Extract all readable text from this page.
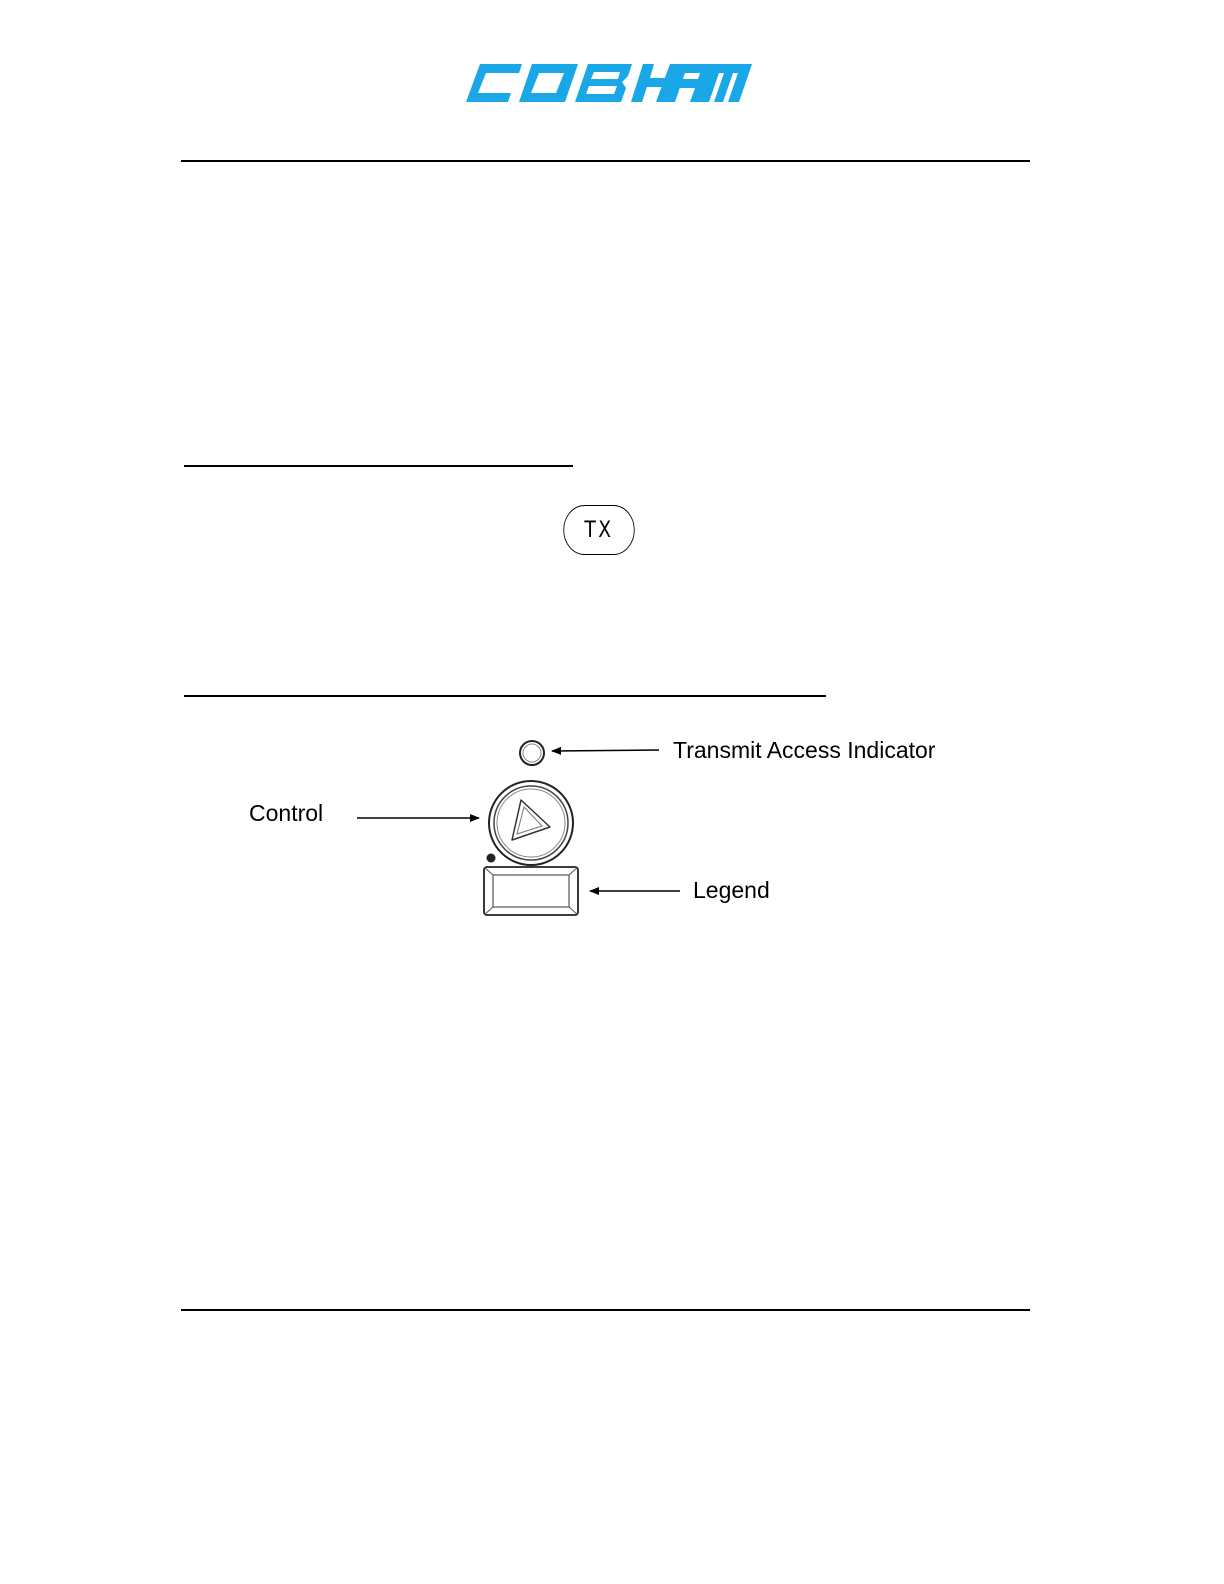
TX
Transmit Access Indicator
Control
Legend
